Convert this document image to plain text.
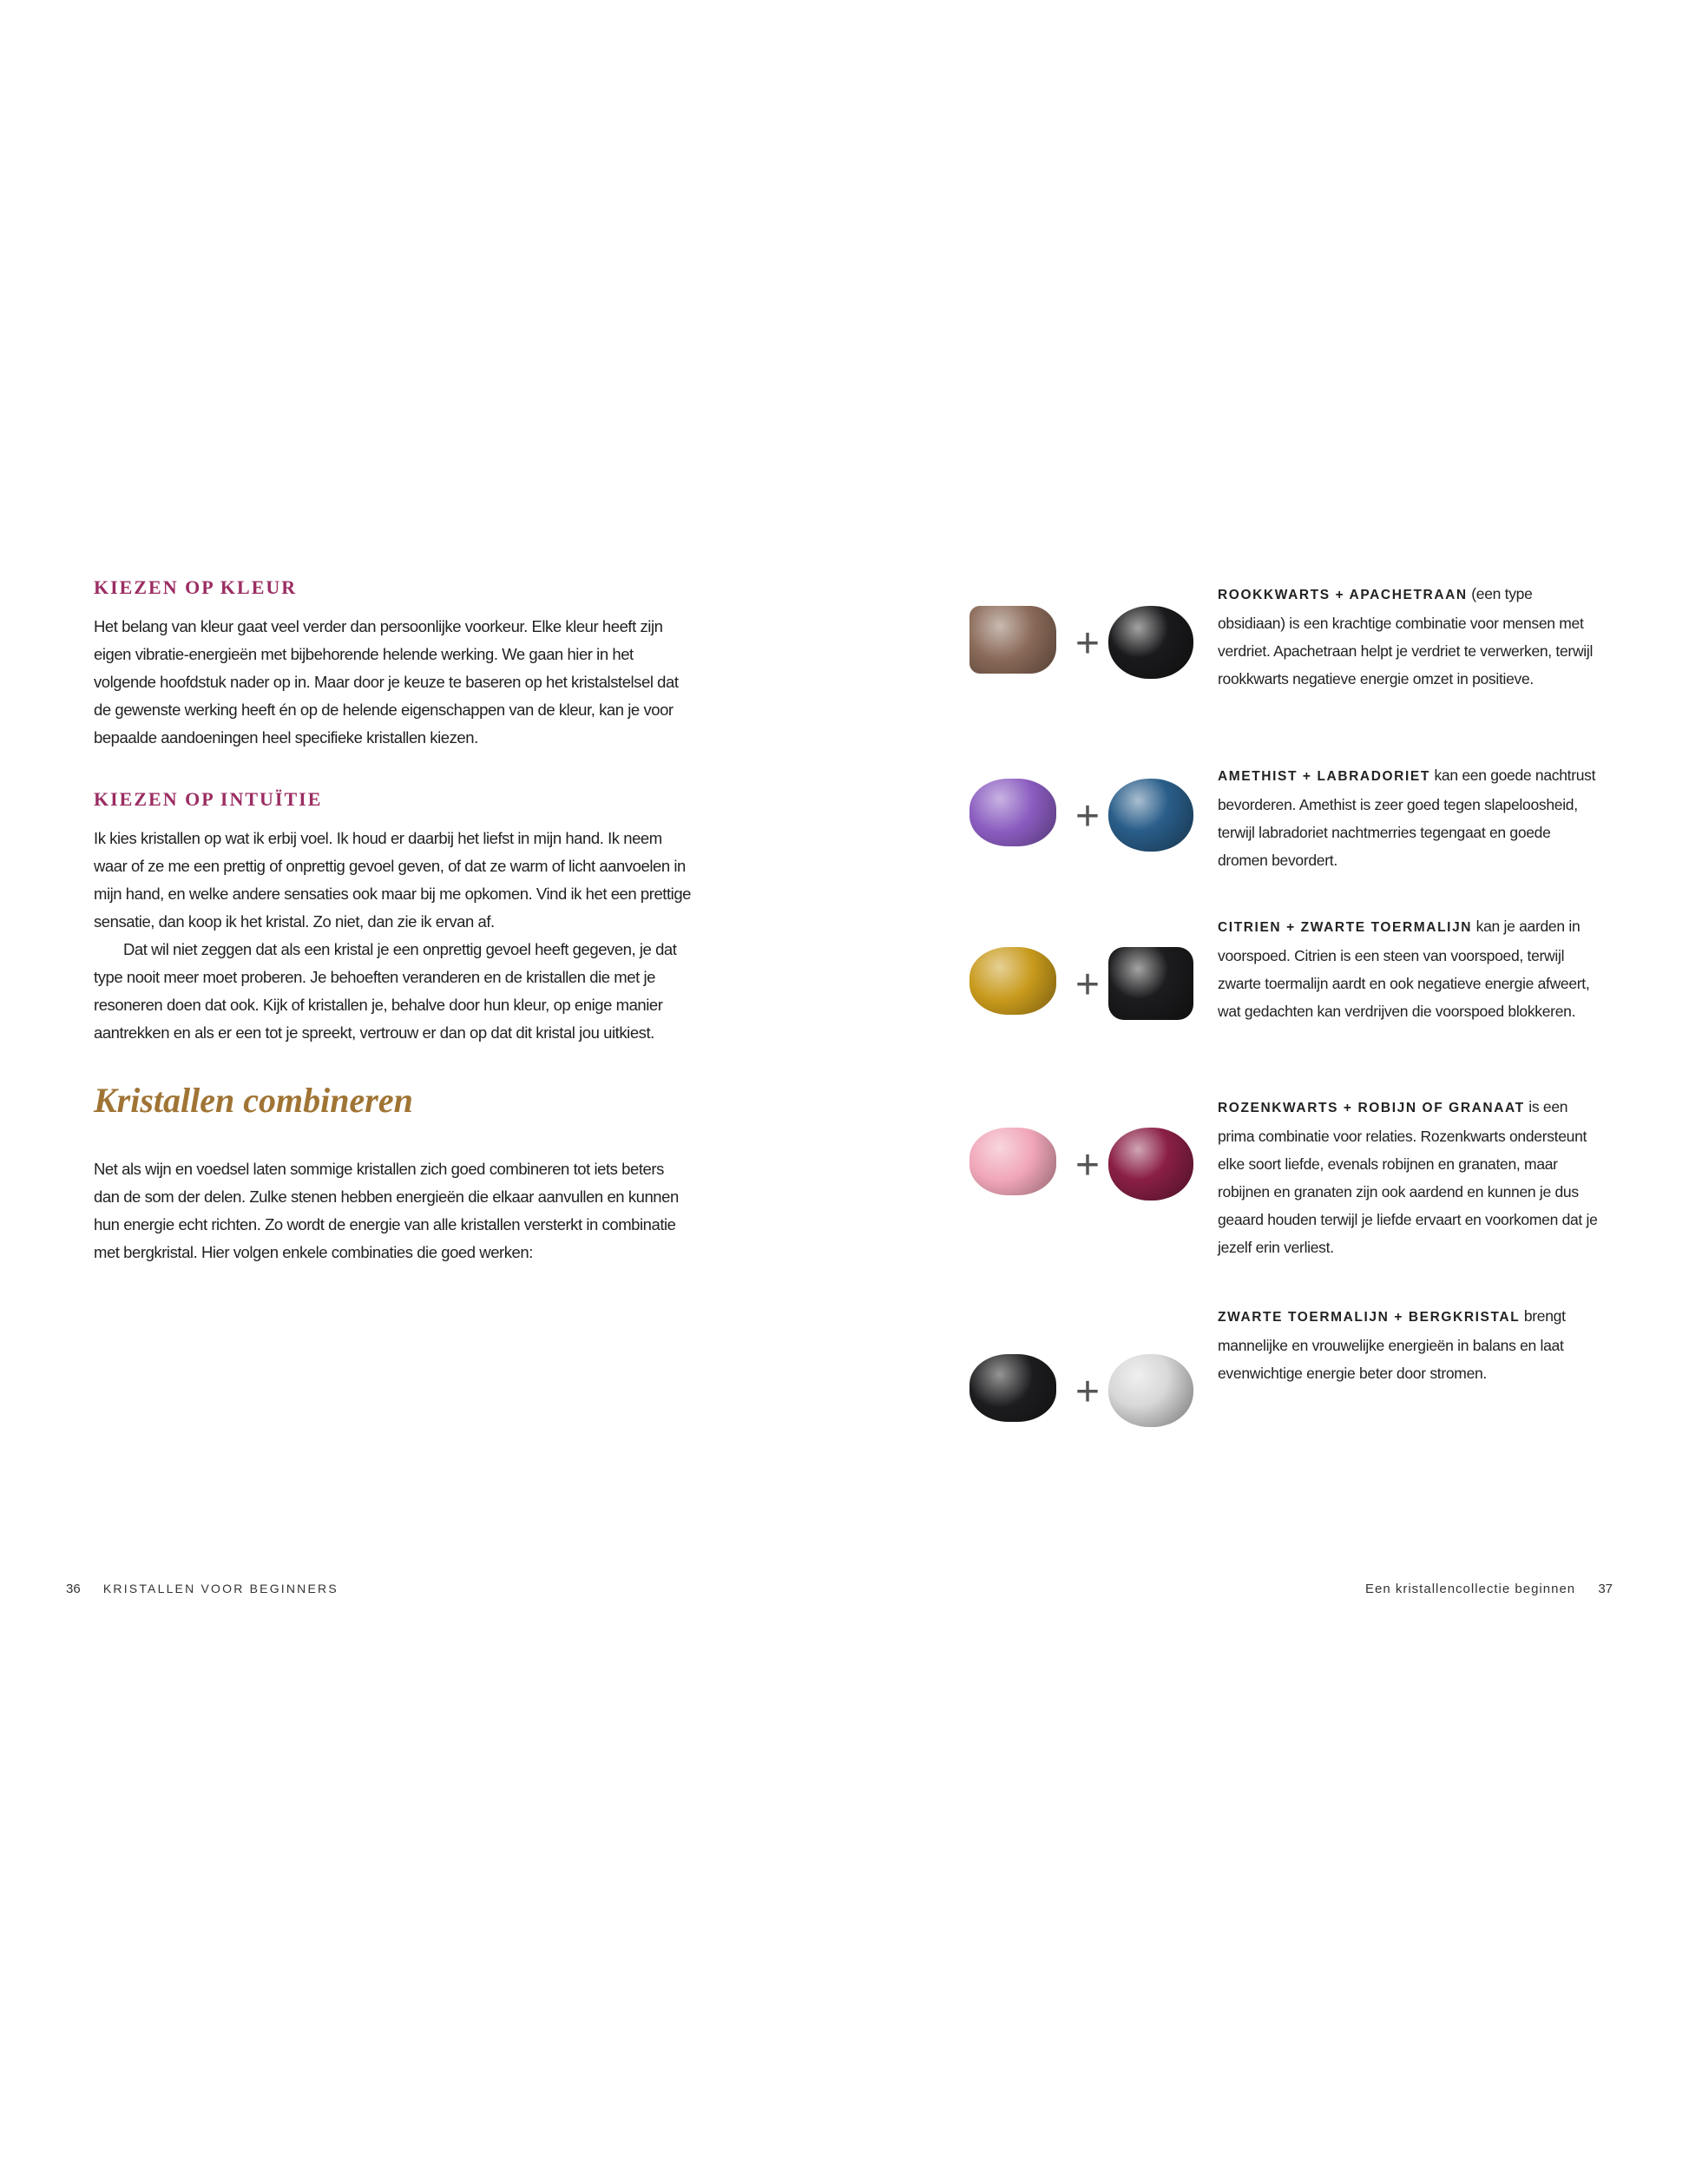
KIEZEN OP KLEUR

Het belang van kleur gaat veel verder dan persoonlijke voorkeur. Elke kleur heeft zijn eigen vibratie-energieën met bijbehorende helende werking. We gaan hier in het volgende hoofdstuk nader op in. Maar door je keuze te baseren op het kristalstelsel dat de gewenste werking heeft én op de helende eigenschappen van de kleur, kan je voor bepaalde aandoeningen heel specifieke kristallen kiezen.

KIEZEN OP INTUÏTIE

Ik kies kristallen op wat ik erbij voel. Ik houd er daarbij het liefst in mijn hand. Ik neem waar of ze me een prettig of onprettig gevoel geven, of dat ze warm of licht aanvoelen in mijn hand, en welke andere sensaties ook maar bij me opkomen. Vind ik het een prettige sensatie, dan koop ik het kristal. Zo niet, dan zie ik ervan af.

Dat wil niet zeggen dat als een kristal je een onprettig gevoel heeft gegeven, je dat type nooit meer moet proberen. Je behoeften veranderen en de kristallen die met je resoneren doen dat ook. Kijk of kristallen je, behalve door hun kleur, op enige manier aantrekken en als er een tot je spreekt, vertrouw er dan op dat dit kristal jou uitkiest.

Kristallen combineren

Net als wijn en voedsel laten sommige kristallen zich goed combineren tot iets beters dan de som der delen. Zulke stenen hebben energieën die elkaar aanvullen en kunnen hun energie echt richten. Zo wordt de energie van alle kristallen versterkt in combinatie met bergkristal. Hier volgen enkele combinaties die goed werken:

+
ROOKKWARTS + APACHETRAAN (een type obsidiaan) is een krachtige combinatie voor mensen met verdriet. Apachetraan helpt je verdriet te verwerken, terwijl rookkwarts negatieve energie omzet in positieve.
+
AMETHIST + LABRADORIET kan een goede nachtrust bevorderen. Amethist is zeer goed tegen slapeloosheid, terwijl labradoriet nachtmerries tegengaat en goede dromen bevordert.
+
CITRIEN + ZWARTE TOERMALIJN kan je aarden in voorspoed. Citrien is een steen van voorspoed, terwijl zwarte toermalijn aardt en ook negatieve energie afweert, wat gedachten kan verdrijven die voorspoed blokkeren.
+
ROZENKWARTS + ROBIJN OF GRANAAT is een prima combinatie voor relaties. Rozenkwarts ondersteunt elke soort liefde, evenals robijnen en granaten, maar robijnen en granaten zijn ook aardend en kunnen je dus geaard houden terwijl je liefde ervaart en voorkomen dat je jezelf erin verliest.
+
ZWARTE TOERMALIJN + BERGKRISTAL brengt mannelijke en vrouwelijke energieën in balans en laat evenwichtige energie beter door stromen.
36 KRISTALLEN VOOR BEGINNERS	Een kristallencollectie beginnen 37
